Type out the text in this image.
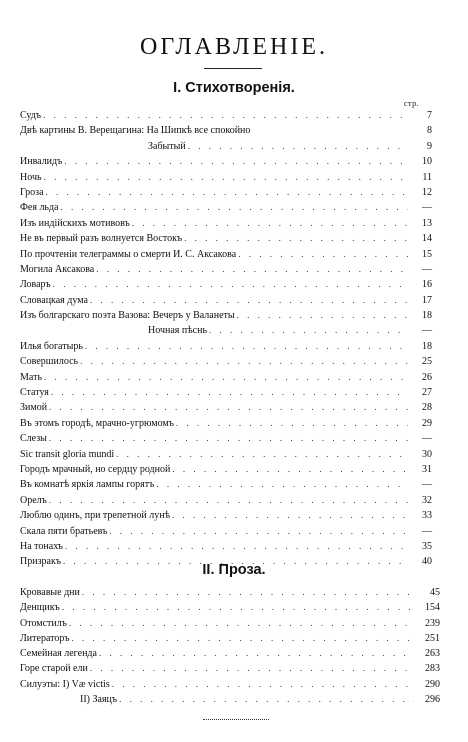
ОГЛАВЛЕНІЕ.
I. Стихотворенія.
стр.
Судъ . . .	7
Двѣ картины В. Верещагина: На Шипкѣ все спокойно	8
Забытый . . .	9
Инвалидъ . . .	10
Ночь . . .	11
Гроза . . .	12
Фея льда . . .	—
Изъ индійскихъ мотивовъ . . .	13
Не въ первый разъ волнуется Востокъ . . .	14
По прочтеніи телеграммы о смерти И. С. Аксакова . . .	15
Могила Аксакова . . .	—
Ловаръ . . .	16
Словацкая дума . . .	17
Изъ болгарскаго поэта Вазова: Вечеръ у Валанеты . . .	18
Ночная пѣснь . . .	—
Илья богатырь . . .	18
Совершилось . . .	25
Мать . . .	26
Статуя . . .	27
Зимой . . .	28
Въ этомъ городѣ, мрачно-угрюмомъ . . .	29
Слезы . . .	—
Sic transit gloria mundi . . .	30
Городъ мрачный, но сердцу родной . . .	31
Въ комнатѣ яркія лампы горятъ . . .	—
Орелъ . . .	32
Люблю одинъ, при трепетной лунѣ . . .	33
Скала пяти братьевъ . . .	—
На тонахъ . . .	35
Призракъ . . .	40
II. Проза.
Кровавые дни . . .	45
Денщикъ . . .	154
Отомстилъ . . .	239
Литераторъ . . .	251
Семейная легенда . . .	263
Горе старой ели . . .	283
Силуэты: I) Væ victis . . .	290
II) Заяцъ . . .	296
